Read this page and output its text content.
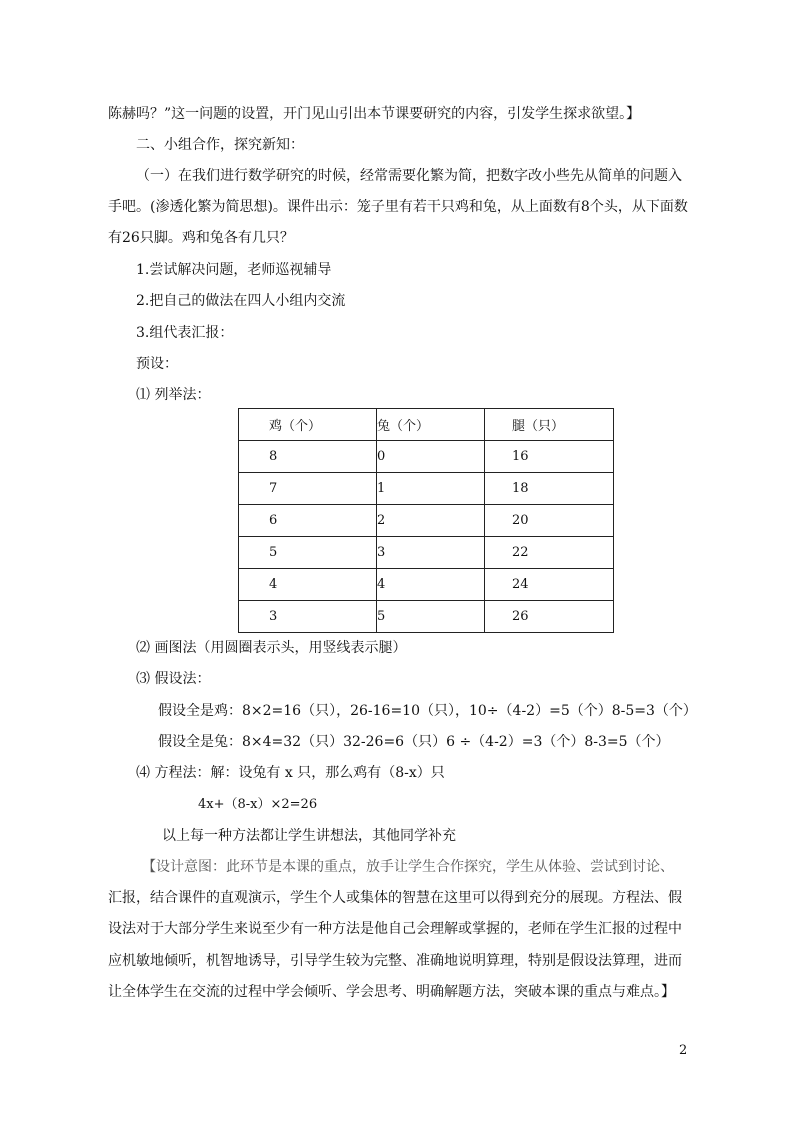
陈赫吗？”这一问题的设置，开门见山引出本节课要研究的内容，引发学生探求欲望。】
二、小组合作，探究新知：
（一）在我们进行数学研究的时候，经常需要化繁为简，把数字改小些先从简单的问题入
手吧。(渗透化繁为简思想)。课件出示：笼子里有若干只鸡和兔，从上面数有8个头，从下面数
有26只脚。鸡和兔各有几只？
1.尝试解决问题，老师巡视辅导
2.把自己的做法在四人小组内交流
3.组代表汇报：
预设：
⑴ 列举法：
鸡（个）	兔（个）	腿（只）
8	0	16
7	1	18
6	2	20
5	3	22
4	4	24
3	5	26
⑵ 画图法（用圆圈表示头，用竖线表示腿）
⑶ 假设法：
假设全是鸡：8×2=16（只），26-16=10（只），10÷（4-2）=5（个）8-5=3（个）
假设全是兔：8×4=32（只）32-26=6（只）6 ÷（4-2）=3（个）8-3=5（个）
⑷ 方程法：解：设兔有 x 只，那么鸡有（8-x）只
4x+（8-x）×2=26
以上每一种方法都让学生讲想法，其他同学补充
【设计意图：此环节是本课的重点，放手让学生合作探究，学生从体验、尝试到讨论、
汇报，结合课件的直观演示，学生个人或集体的智慧在这里可以得到充分的展现。方程法、假
设法对于大部分学生来说至少有一种方法是他自己会理解或掌握的，老师在学生汇报的过程中
应机敏地倾听，机智地诱导，引导学生较为完整、准确地说明算理，特别是假设法算理，进而
让全体学生在交流的过程中学会倾听、学会思考、明确解题方法，突破本课的重点与难点。】
2
